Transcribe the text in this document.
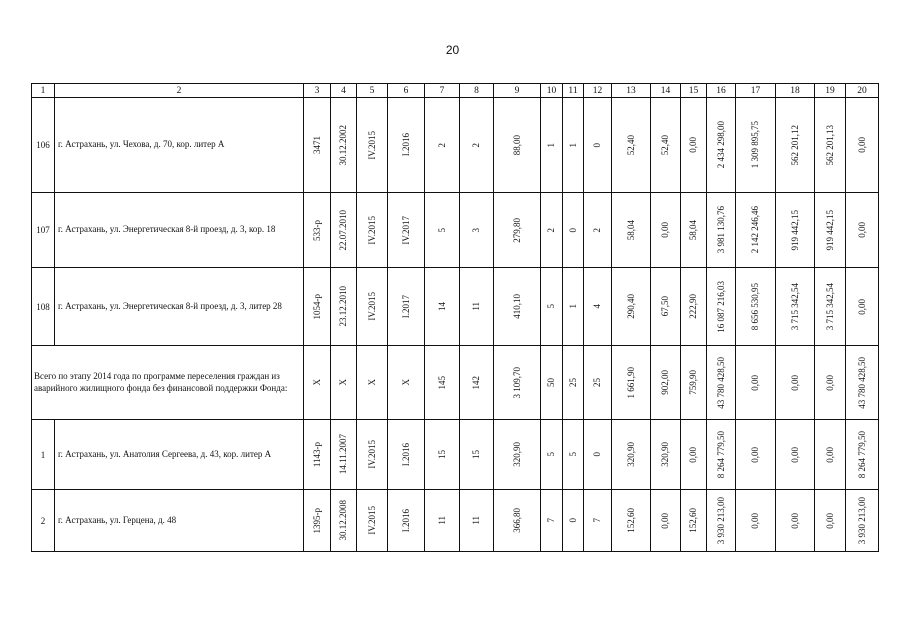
20
1	2	3	4	5	6	7	8	9	10	11	12	13	14	15	16	17	18	19	20
106	г. Астрахань, ул. Чехова, д. 70, кор. литер А	3471	30.12.2002	IV.2015	I.2016	2	2	88,00	1	1	0	52,40	52,40	0,00	2 434 298,00	1 309 895,75	562 201,12	562 201,13	0,00

107	г. Астрахань, ул. Энергетическая 8-й проезд, д. 3, кор. 18	533-р	22.07.2010	IV.2015	IV.2017	5	3	279,80	2	0	2	58,04	0,00	58,04	3 981 130,76	2 142 246,46	919 442,15	919 442,15	0,00

108	г. Астрахань, ул. Энергетическая 8-й проезд, д. 3, литер 28	1054-р	23.12.2010	IV.2015	I.2017	14	11	410,10	5	1	4	290,40	67,50	222,90	16 087 216,03	8 656 530,95	3 715 342,54	3 715 342,54	0,00

Всего по этапу 2014 года по программе переселения граждан из аварийного жилищного фонда без финансовой поддержки Фонда:		Х	Х	Х	Х	145	142	3 109,70	50	25	25	1 661,90	902,00	759,90	43 780 428,50	0,00	0,00	0,00	43 780 428,50

1	г. Астрахань, ул. Анатолия Сергеева, д. 43, кор. литер А	1143-р	14.11.2007	IV.2015	I.2016	15	15	320,90	5	5	0	320,90	320,90	0,00	8 264 779,50	0,00	0,00	0,00	8 264 779,50

2	г. Астрахань, ул. Герцена, д. 48	1395-р	30.12.2008	IV.2015	I.2016	11	11	366,80	7	0	7	152,60	0,00	152,60	3 930 213,00	0,00	0,00	0,00	3 930 213,00
